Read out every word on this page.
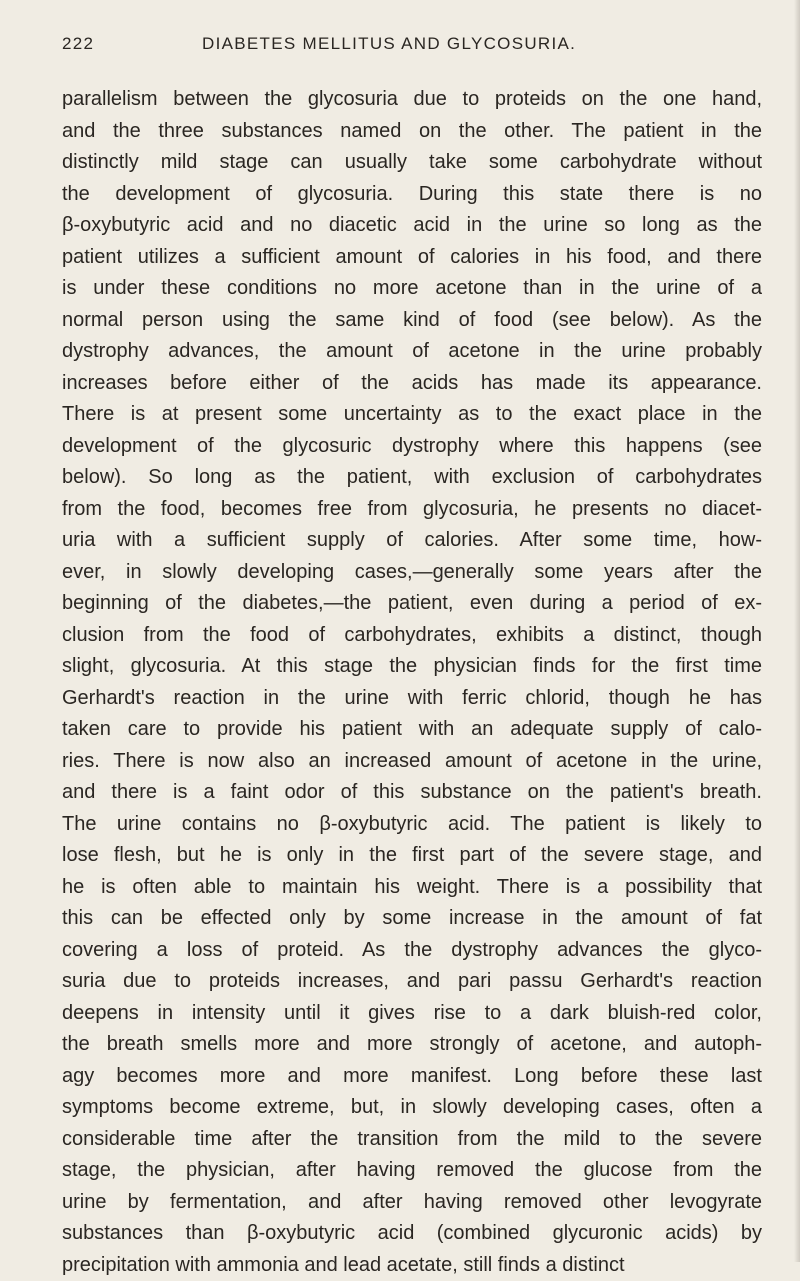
222	DIABETES MELLITUS AND GLYCOSURIA.
parallelism between the glycosuria due to proteids on the one hand,
and the three substances named on the other. The patient in the
distinctly mild stage can usually take some carbohydrate without
the development of glycosuria. During this state there is no
β-oxybutyric acid and no diacetic acid in the urine so long as the
patient utilizes a sufficient amount of calories in his food, and there
is under these conditions no more acetone than in the urine of a
normal person using the same kind of food (see below). As the
dystrophy advances, the amount of acetone in the urine probably
increases before either of the acids has made its appearance.
There is at present some uncertainty as to the exact place in the
development of the glycosuric dystrophy where this happens (see
below). So long as the patient, with exclusion of carbohydrates
from the food, becomes free from glycosuria, he presents no diacet-
uria with a sufficient supply of calories. After some time, how-
ever, in slowly developing cases,—generally some years after the
beginning of the diabetes,—the patient, even during a period of ex-
clusion from the food of carbohydrates, exhibits a distinct, though
slight, glycosuria. At this stage the physician finds for the first time
Gerhardt's reaction in the urine with ferric chlorid, though he has
taken care to provide his patient with an adequate supply of calo-
ries. There is now also an increased amount of acetone in the urine,
and there is a faint odor of this substance on the patient's breath.
The urine contains no β-oxybutyric acid. The patient is likely to
lose flesh, but he is only in the first part of the severe stage, and
he is often able to maintain his weight. There is a possibility that
this can be effected only by some increase in the amount of fat
covering a loss of proteid. As the dystrophy advances the glyco-
suria due to proteids increases, and pari passu Gerhardt's reaction
deepens in intensity until it gives rise to a dark bluish-red color,
the breath smells more and more strongly of acetone, and autoph-
agy becomes more and more manifest. Long before these last
symptoms become extreme, but, in slowly developing cases, often a
considerable time after the transition from the mild to the severe
stage, the physician, after having removed the glucose from the
urine by fermentation, and after having removed other levogyrate
substances than β-oxybutyric acid (combined glycuronic acids) by
precipitation with ammonia and lead acetate, still finds a distinct
